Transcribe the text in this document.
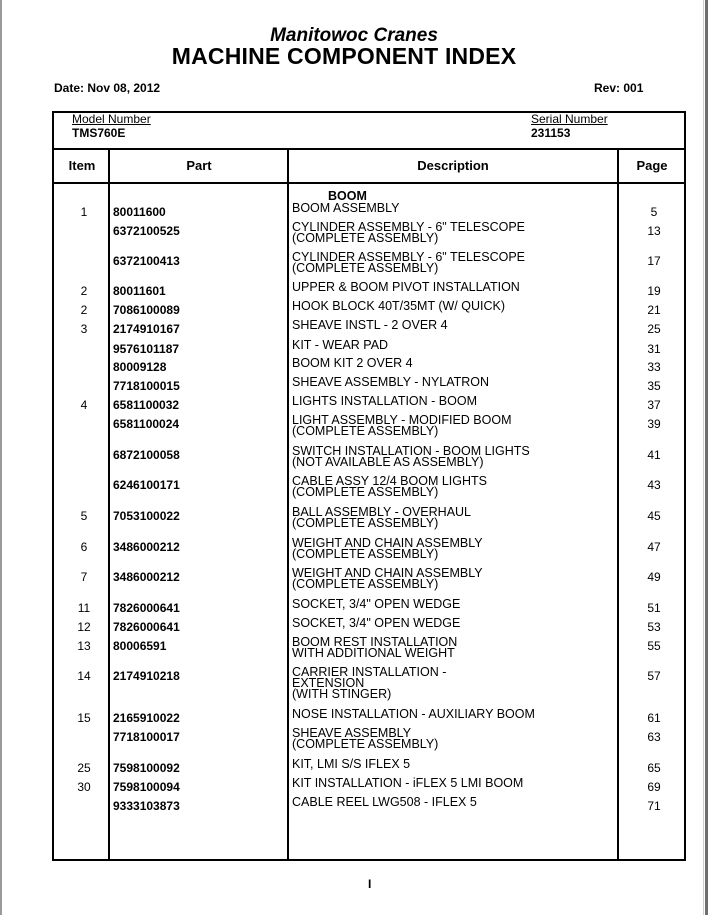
Manitowoc Cranes
MACHINE COMPONENT INDEX
Date: Nov 08, 2012	Rev: 001
Model Number
TMS760E
Serial Number
231153
Item	Part	Description	Page
BOOM
1	80011600	BOOM ASSEMBLY	5
6372100525	CYLINDER ASSEMBLY - 6" TELESCOPE
(COMPLETE ASSEMBLY)	13
6372100413	CYLINDER ASSEMBLY - 6" TELESCOPE
(COMPLETE ASSEMBLY)	17
2	80011601	UPPER & BOOM PIVOT INSTALLATION	19
2	7086100089	HOOK BLOCK 40T/35MT (W/ QUICK)	21
3	2174910167	SHEAVE INSTL - 2 OVER 4	25
9576101187	KIT - WEAR PAD	31
80009128	BOOM KIT 2 OVER 4	33
7718100015	SHEAVE ASSEMBLY - NYLATRON	35
4	6581100032	LIGHTS INSTALLATION - BOOM	37
6581100024	LIGHT ASSEMBLY - MODIFIED BOOM
(COMPLETE ASSEMBLY)	39
6872100058	SWITCH INSTALLATION - BOOM LIGHTS
(NOT AVAILABLE AS ASSEMBLY)	41
6246100171	CABLE ASSY 12/4 BOOM LIGHTS
(COMPLETE ASSEMBLY)	43
5	7053100022	BALL ASSEMBLY - OVERHAUL
(COMPLETE ASSEMBLY)	45
6	3486000212	WEIGHT AND CHAIN ASSEMBLY
(COMPLETE ASSEMBLY)	47
7	3486000212	WEIGHT AND CHAIN ASSEMBLY
(COMPLETE ASSEMBLY)	49
11	7826000641	SOCKET, 3/4" OPEN WEDGE	51
12	7826000641	SOCKET, 3/4" OPEN WEDGE	53
13	80006591	BOOM REST INSTALLATION
WITH ADDITIONAL WEIGHT	55
14	2174910218	CARRIER INSTALLATION -
EXTENSION
(WITH STINGER)
57
15	2165910022	NOSE INSTALLATION - AUXILIARY BOOM	61
7718100017	SHEAVE ASSEMBLY
(COMPLETE ASSEMBLY)	63
25	7598100092	KIT, LMI S/S IFLEX 5	65
30	7598100094	KIT INSTALLATION - iFLEX 5 LMI BOOM	69
9333103873	CABLE REEL LWG508 - IFLEX 5	71
I
